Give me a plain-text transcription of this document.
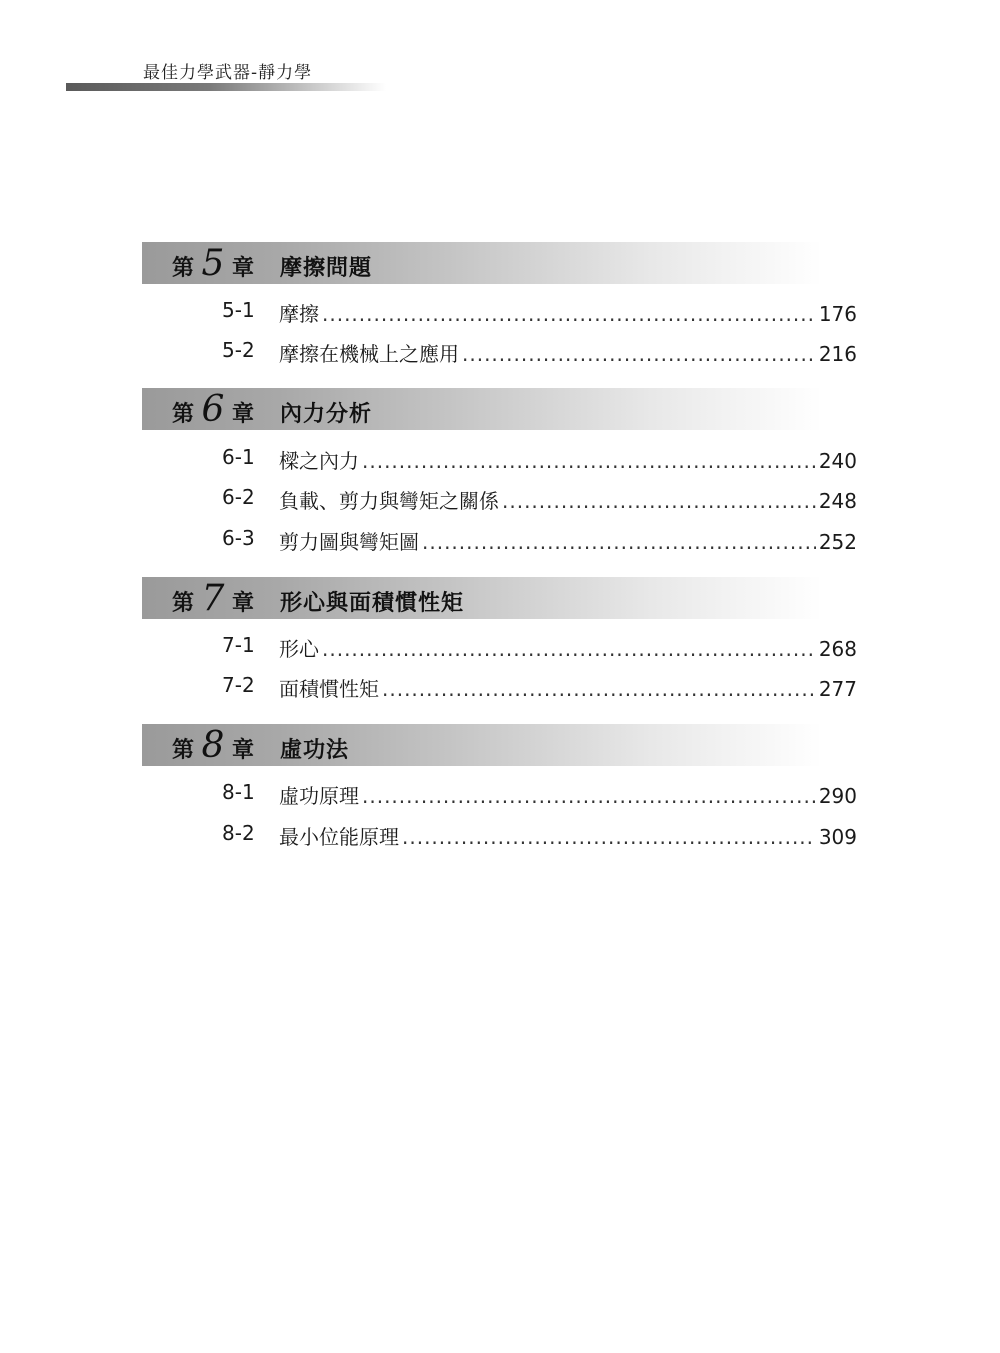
最佳力學武器-靜力學
第 5 章 摩擦問題
5-1 摩擦 .....	176
5-2 摩擦在機械上之應用 .....	216
第 6 章 內力分析
6-1 樑之內力 .....	240
6-2 負載、剪力與彎矩之關係 .....	248
6-3 剪力圖與彎矩圖 .....	252
第 7 章 形心與面積慣性矩
7-1 形心 .....	268
7-2 面積慣性矩 .....	277
第 8 章 虛功法
8-1 虛功原理 .....	290
8-2 最小位能原理 .....	309
